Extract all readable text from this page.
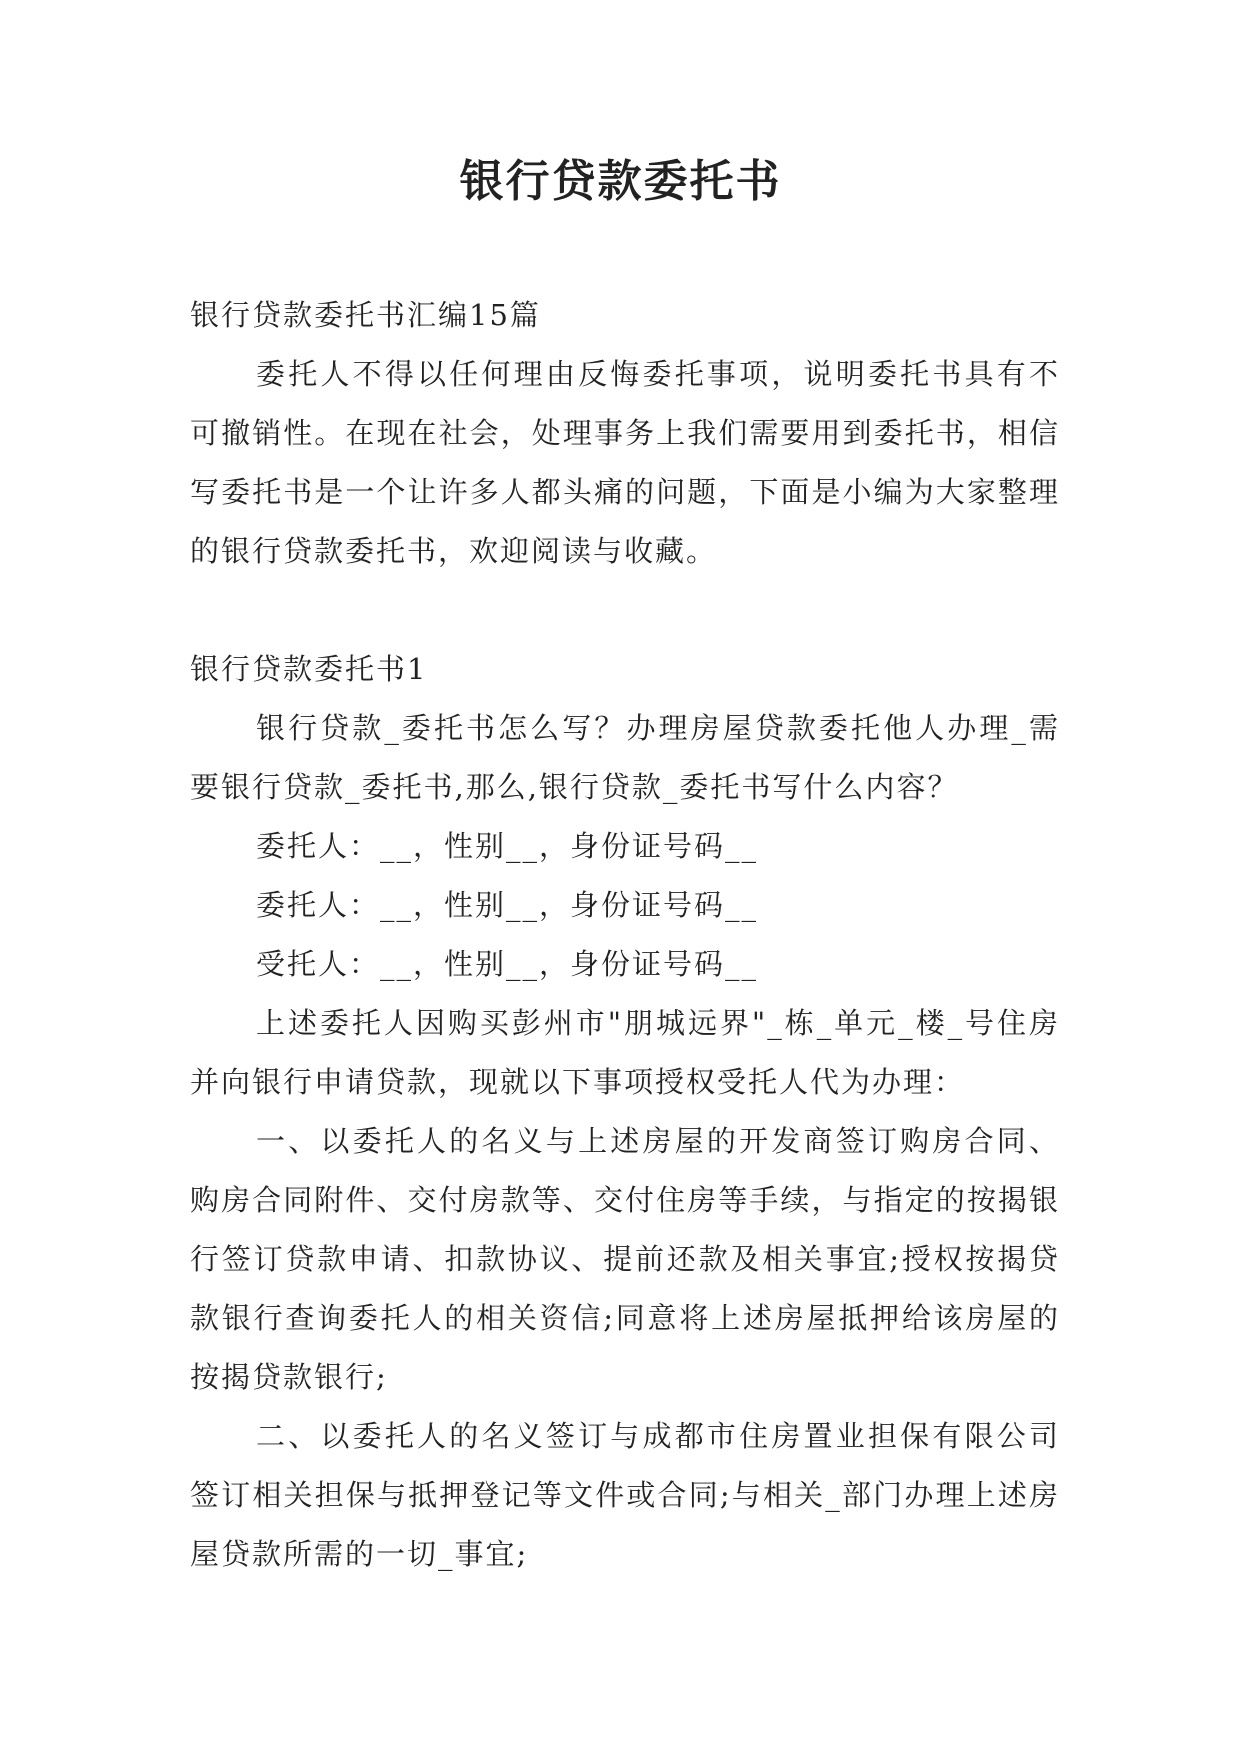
银行贷款委托书

银行贷款委托书汇编15篇

委托人不得以任何理由反悔委托事项，说明委托书具有不可撤销性。在现在社会，处理事务上我们需要用到委托书，相信写委托书是一个让许多人都头痛的问题，下面是小编为大家整理的银行贷款委托书，欢迎阅读与收藏。

银行贷款委托书1

银行贷款_委托书怎么写？办理房屋贷款委托他人办理_需要银行贷款_委托书,那么,银行贷款_委托书写什么内容？

委托人：__，性别__，身份证号码__

委托人：__，性别__，身份证号码__

受托人：__，性别__，身份证号码__

上述委托人因购买彭州市"朋城远界"_栋_单元_楼_号住房并向银行申请贷款，现就以下事项授权受托人代为办理：

一、以委托人的名义与上述房屋的开发商签订购房合同、购房合同附件、交付房款等、交付住房等手续，与指定的按揭银行签订贷款申请、扣款协议、提前还款及相关事宜;授权按揭贷款银行查询委托人的相关资信;同意将上述房屋抵押给该房屋的按揭贷款银行;

二、以委托人的名义签订与成都市住房置业担保有限公司签订相关担保与抵押登记等文件或合同;与相关_部门办理上述房屋贷款所需的一切_事宜;
